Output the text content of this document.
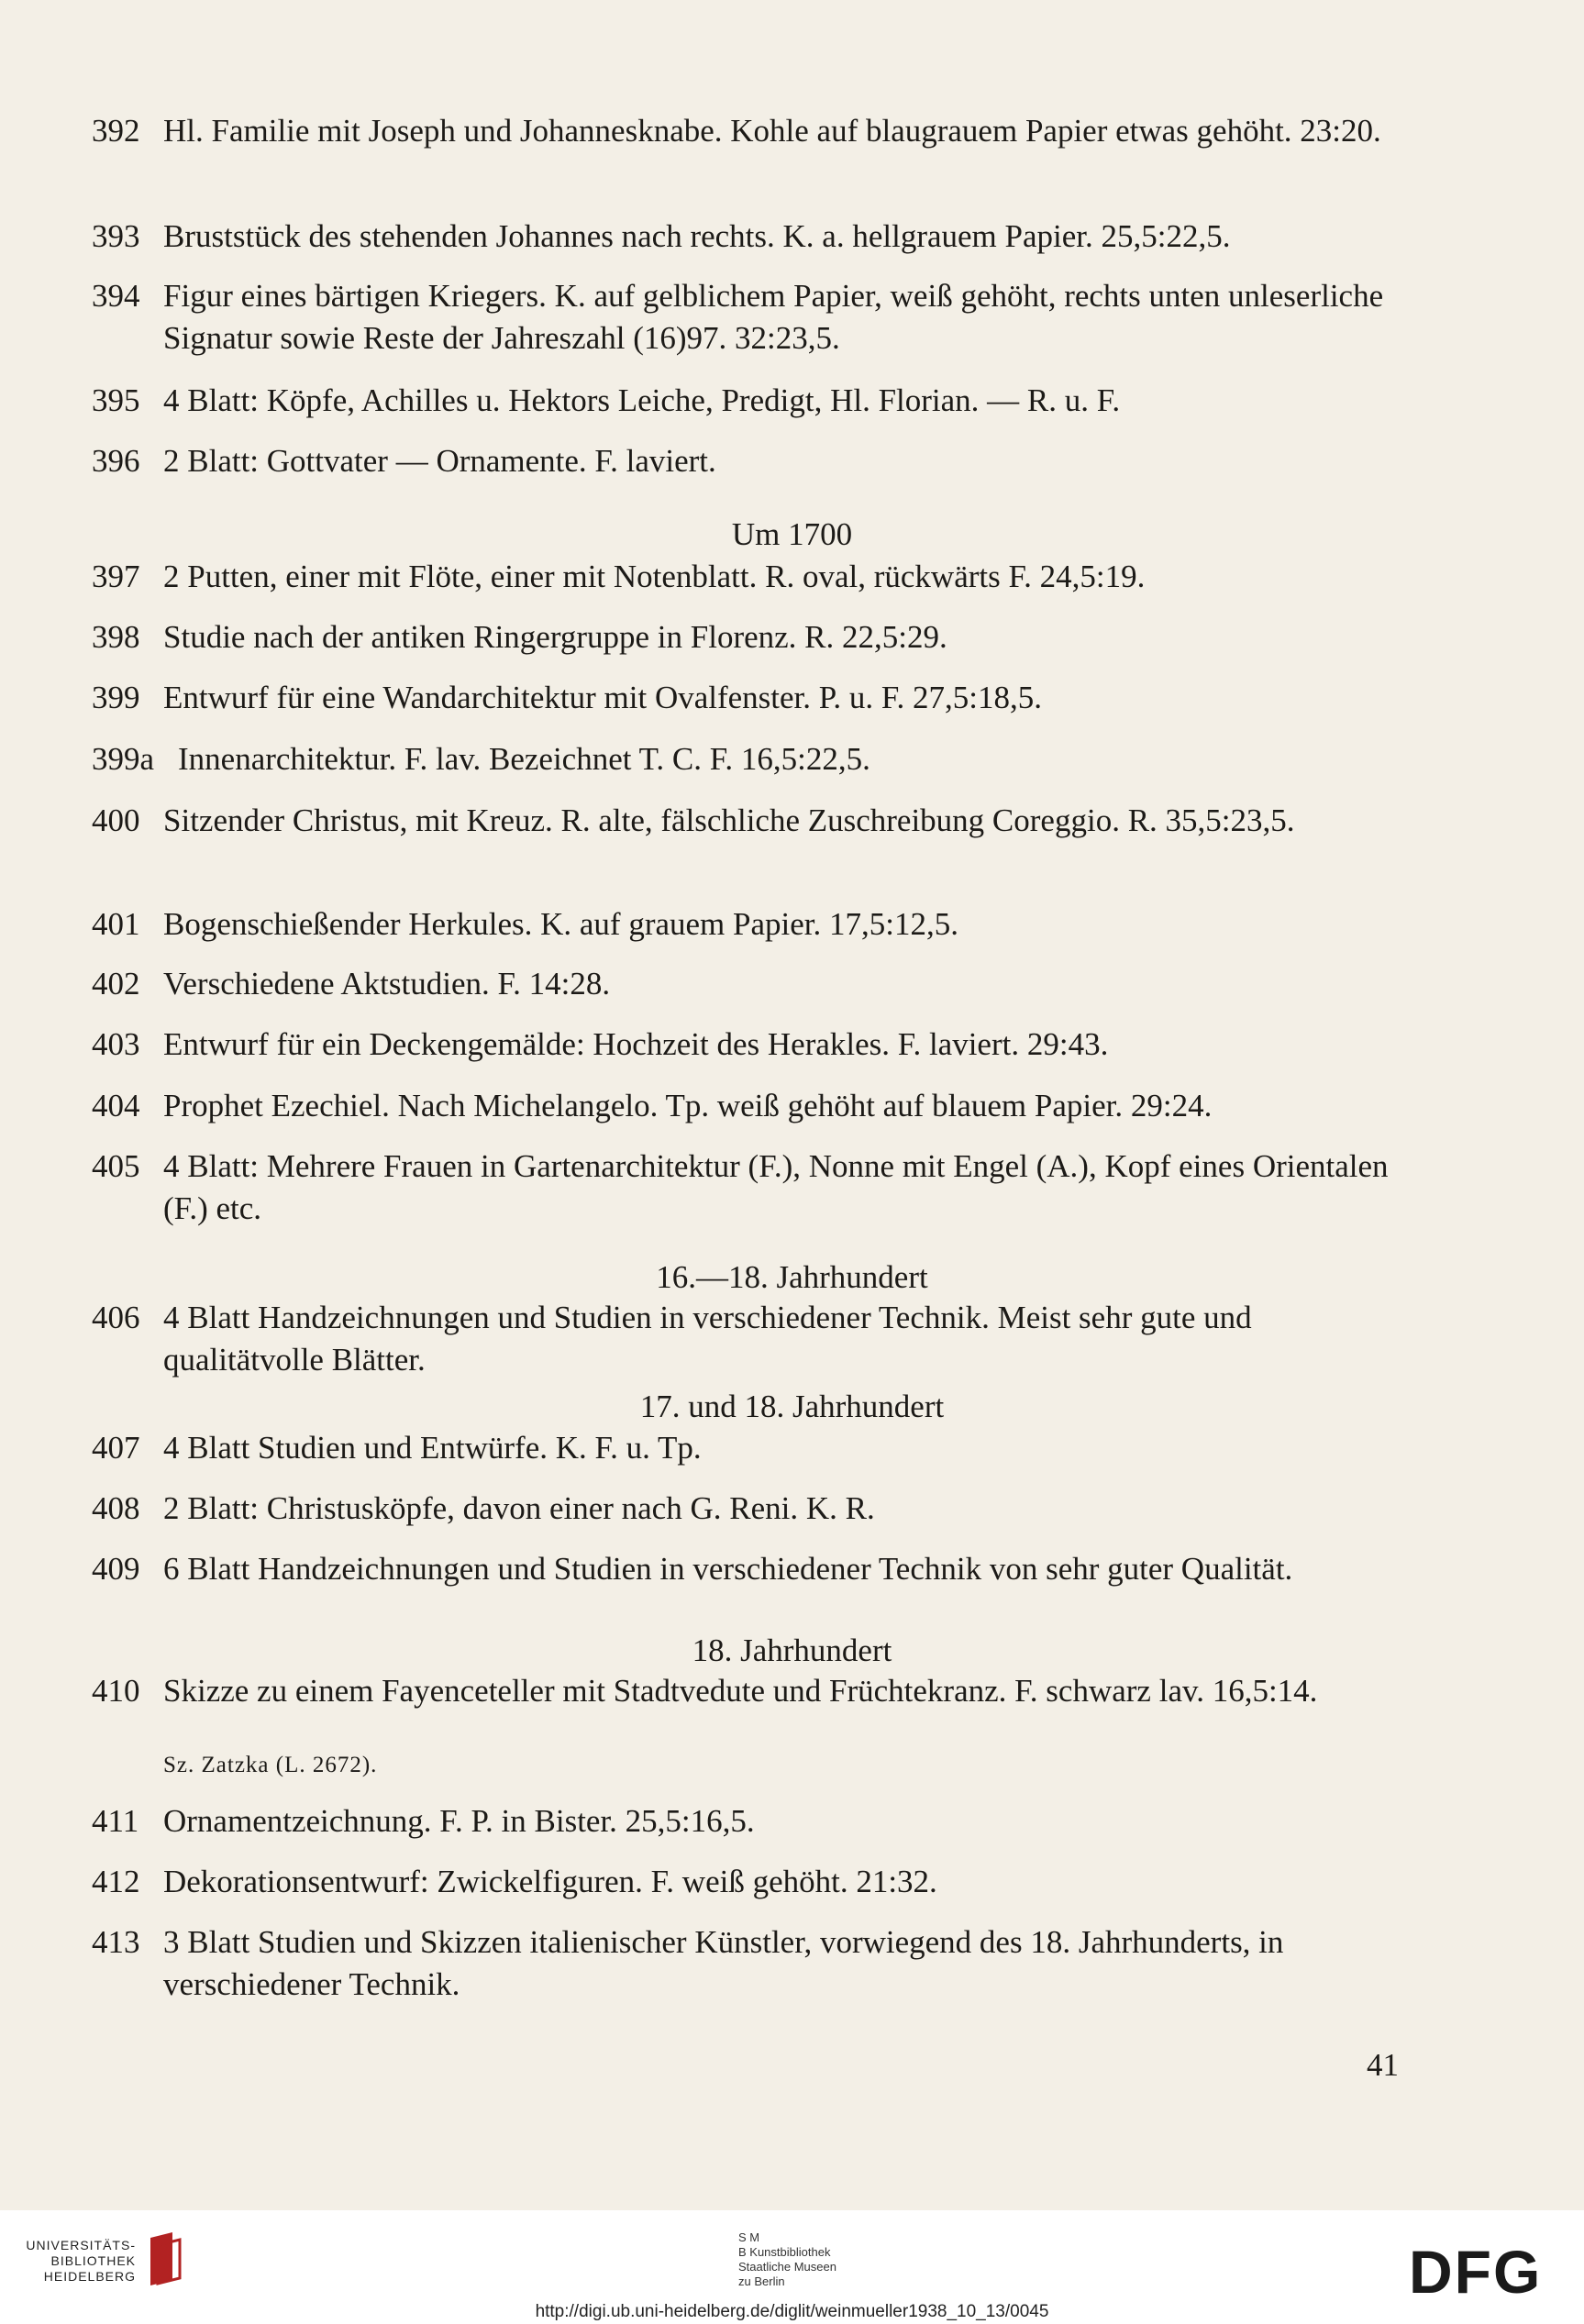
392 Hl. Familie mit Joseph und Johannesknabe. Kohle auf blaugrauem Papier etwas gehöht. 23:20.
393 Bruststück des stehenden Johannes nach rechts. K. a. hellgrauem Papier. 25,5:22,5.
394 Figur eines bärtigen Kriegers. K. auf gelblichem Papier, weiß gehöht, rechts unten unleserliche Signatur sowie Reste der Jahreszahl (16)97. 32:23,5.
395 4 Blatt: Köpfe, Achilles u. Hektors Leiche, Predigt, Hl. Florian. — R. u. F.
396 2 Blatt: Gottvater — Ornamente. F. laviert.
Um 1700
397 2 Putten, einer mit Flöte, einer mit Notenblatt. R. oval, rückwärts F. 24,5:19.
398 Studie nach der antiken Ringergruppe in Florenz. R. 22,5:29.
399 Entwurf für eine Wandarchitektur mit Ovalfenster. P. u. F. 27,5:18,5.
399a Innenarchitektur. F. lav. Bezeichnet T. C. F. 16,5:22,5.
400 Sitzender Christus, mit Kreuz. R. alte, fälschliche Zuschreibung Coreggio. R. 35,5:23,5.
401 Bogenschießender Herkules. K. auf grauem Papier. 17,5:12,5.
402 Verschiedene Aktstudien. F. 14:28.
403 Entwurf für ein Deckengemälde: Hochzeit des Herakles. F. laviert. 29:43.
404 Prophet Ezechiel. Nach Michelangelo. Tp. weiß gehöht auf blauem Papier. 29:24.
405 4 Blatt: Mehrere Frauen in Gartenarchitektur (F.), Nonne mit Engel (A.), Kopf eines Orientalen (F.) etc.
16.—18. Jahrhundert
406 4 Blatt Handzeichnungen und Studien in verschiedener Technik. Meist sehr gute und qualitätvolle Blätter.
17. und 18. Jahrhundert
407 4 Blatt Studien und Entwürfe. K. F. u. Tp.
408 2 Blatt: Christusköpfe, davon einer nach G. Reni. K. R.
409 6 Blatt Handzeichnungen und Studien in verschiedener Technik von sehr guter Qualität.
18. Jahrhundert
410 Skizze zu einem Fayenceteller mit Stadtvedute und Früchtekranz. F. schwarz lav. 16,5:14.
Sz. Zatzka (L. 2672).
411 Ornamentzeichnung. F. P. in Bister. 25,5:16,5.
412 Dekorationsentwurf: Zwickelfiguren. F. weiß gehöht. 21:32.
413 3 Blatt Studien und Skizzen italienischer Künstler, vorwiegend des 18. Jahrhunderts, in verschiedener Technik.
41
UNIVERSITÄTS-
BIBLIOTHEK
HEIDELBERG
S M
B Kunstbibliothek
Staatliche Museen
zu Berlin	DFG
http://digi.ub.uni-heidelberg.de/diglit/weinmueller1938_10_13/0045
